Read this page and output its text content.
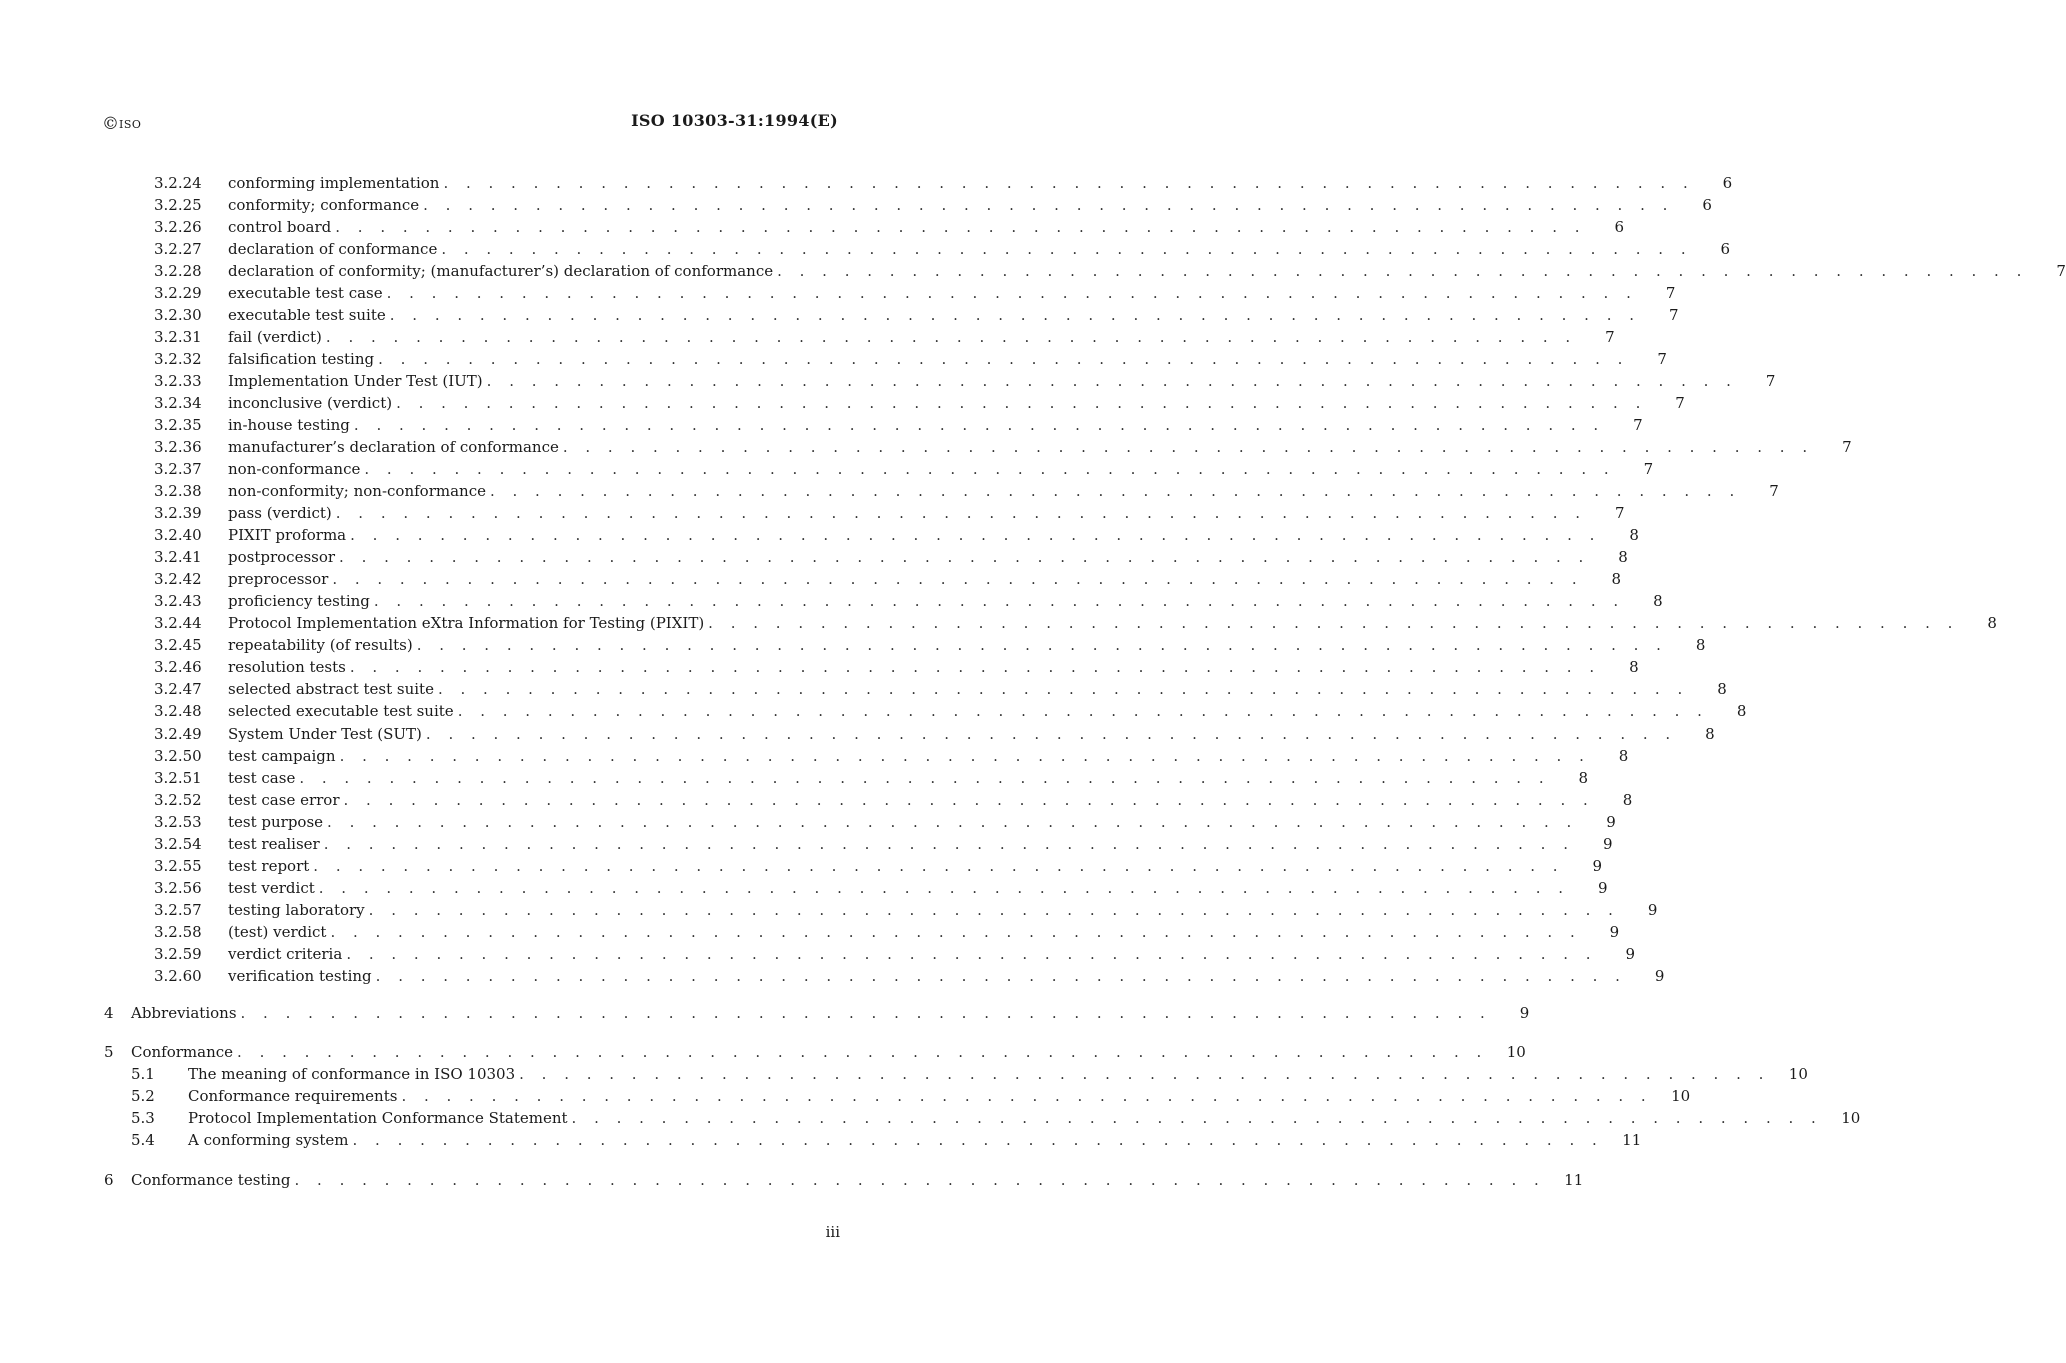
©ISO	ISO 10303-31:1994(E)
3.2.24	conforming implementation . . . . . . . . . . . . . . . . . . . . . . . . . . . . . . . . . . . . . . . . . . . . . . . . . . . . . . . .	6
3.2.25	conformity; conformance . . . . . . . . . . . . . . . . . . . . . . . . . . . . . . . . . . . . . . . . . . . . . . . . . . . . . . . .	6
3.2.26	control board . . . . . . . . . . . . . . . . . . . . . . . . . . . . . . . . . . . . . . . . . . . . . . . . . . . . . . . .	6
3.2.27	declaration of conformance . . . . . . . . . . . . . . . . . . . . . . . . . . . . . . . . . . . . . . . . . . . . . . . . . . . . . . . .	6
3.2.28	declaration of conformity; (manufacturer’s) declaration of conformance . . . . . . . . . . . . . . . . . . . . . . . . . . . . . . . . . . . . . . . . . . . . . . . . . . . . . . . .	7
3.2.29	executable test case . . . . . . . . . . . . . . . . . . . . . . . . . . . . . . . . . . . . . . . . . . . . . . . . . . . . . . . .	7
3.2.30	executable test suite . . . . . . . . . . . . . . . . . . . . . . . . . . . . . . . . . . . . . . . . . . . . . . . . . . . . . . . .	7
3.2.31	fail (verdict) . . . . . . . . . . . . . . . . . . . . . . . . . . . . . . . . . . . . . . . . . . . . . . . . . . . . . . . .	7
3.2.32	falsification testing . . . . . . . . . . . . . . . . . . . . . . . . . . . . . . . . . . . . . . . . . . . . . . . . . . . . . . . .	7
3.2.33	Implementation Under Test (IUT) . . . . . . . . . . . . . . . . . . . . . . . . . . . . . . . . . . . . . . . . . . . . . . . . . . . . . . . .	7
3.2.34	inconclusive (verdict) . . . . . . . . . . . . . . . . . . . . . . . . . . . . . . . . . . . . . . . . . . . . . . . . . . . . . . . .	7
3.2.35	in-house testing . . . . . . . . . . . . . . . . . . . . . . . . . . . . . . . . . . . . . . . . . . . . . . . . . . . . . . . .	7
3.2.36	manufacturer’s declaration of conformance . . . . . . . . . . . . . . . . . . . . . . . . . . . . . . . . . . . . . . . . . . . . . . . . . . . . . . . .	7
3.2.37	non-conformance . . . . . . . . . . . . . . . . . . . . . . . . . . . . . . . . . . . . . . . . . . . . . . . . . . . . . . . .	7
3.2.38	non-conformity; non-conformance . . . . . . . . . . . . . . . . . . . . . . . . . . . . . . . . . . . . . . . . . . . . . . . . . . . . . . . .	7
3.2.39	pass (verdict) . . . . . . . . . . . . . . . . . . . . . . . . . . . . . . . . . . . . . . . . . . . . . . . . . . . . . . . .	7
3.2.40	PIXIT proforma . . . . . . . . . . . . . . . . . . . . . . . . . . . . . . . . . . . . . . . . . . . . . . . . . . . . . . . .	8
3.2.41	postprocessor . . . . . . . . . . . . . . . . . . . . . . . . . . . . . . . . . . . . . . . . . . . . . . . . . . . . . . . .	8
3.2.42	preprocessor . . . . . . . . . . . . . . . . . . . . . . . . . . . . . . . . . . . . . . . . . . . . . . . . . . . . . . . .	8
3.2.43	proficiency testing . . . . . . . . . . . . . . . . . . . . . . . . . . . . . . . . . . . . . . . . . . . . . . . . . . . . . . . .	8
3.2.44	Protocol Implementation eXtra Information for Testing (PIXIT) . . . . . . . . . . . . . . . . . . . . . . . . . . . . . . . . . . . . . . . . . . . . . . . . . . . . . . . .	8
3.2.45	repeatability (of results) . . . . . . . . . . . . . . . . . . . . . . . . . . . . . . . . . . . . . . . . . . . . . . . . . . . . . . . .	8
3.2.46	resolution tests . . . . . . . . . . . . . . . . . . . . . . . . . . . . . . . . . . . . . . . . . . . . . . . . . . . . . . . .	8
3.2.47	selected abstract test suite . . . . . . . . . . . . . . . . . . . . . . . . . . . . . . . . . . . . . . . . . . . . . . . . . . . . . . . .	8
3.2.48	selected executable test suite . . . . . . . . . . . . . . . . . . . . . . . . . . . . . . . . . . . . . . . . . . . . . . . . . . . . . . . .	8
3.2.49	System Under Test (SUT) . . . . . . . . . . . . . . . . . . . . . . . . . . . . . . . . . . . . . . . . . . . . . . . . . . . . . . . .	8
3.2.50	test campaign . . . . . . . . . . . . . . . . . . . . . . . . . . . . . . . . . . . . . . . . . . . . . . . . . . . . . . . .	8
3.2.51	test case . . . . . . . . . . . . . . . . . . . . . . . . . . . . . . . . . . . . . . . . . . . . . . . . . . . . . . . .	8
3.2.52	test case error . . . . . . . . . . . . . . . . . . . . . . . . . . . . . . . . . . . . . . . . . . . . . . . . . . . . . . . .	8
3.2.53	test purpose . . . . . . . . . . . . . . . . . . . . . . . . . . . . . . . . . . . . . . . . . . . . . . . . . . . . . . . .	9
3.2.54	test realiser . . . . . . . . . . . . . . . . . . . . . . . . . . . . . . . . . . . . . . . . . . . . . . . . . . . . . . . .	9
3.2.55	test report . . . . . . . . . . . . . . . . . . . . . . . . . . . . . . . . . . . . . . . . . . . . . . . . . . . . . . . .	9
3.2.56	test verdict . . . . . . . . . . . . . . . . . . . . . . . . . . . . . . . . . . . . . . . . . . . . . . . . . . . . . . . .	9
3.2.57	testing laboratory . . . . . . . . . . . . . . . . . . . . . . . . . . . . . . . . . . . . . . . . . . . . . . . . . . . . . . . .	9
3.2.58	(test) verdict . . . . . . . . . . . . . . . . . . . . . . . . . . . . . . . . . . . . . . . . . . . . . . . . . . . . . . . .	9
3.2.59	verdict criteria . . . . . . . . . . . . . . . . . . . . . . . . . . . . . . . . . . . . . . . . . . . . . . . . . . . . . . . .	9
3.2.60	verification testing . . . . . . . . . . . . . . . . . . . . . . . . . . . . . . . . . . . . . . . . . . . . . . . . . . . . . . . .	9
4	Abbreviations . . . . . . . . . . . . . . . . . . . . . . . . . . . . . . . . . . . . . . . . . . . . . . . . . . . . . . . .	9
5	Conformance . . . . . . . . . . . . . . . . . . . . . . . . . . . . . . . . . . . . . . . . . . . . . . . . . . . . . . . .	10
5.1	The meaning of conformance in ISO 10303 . . . . . . . . . . . . . . . . . . . . . . . . . . . . . . . . . . . . . . . . . . . . . . . . . . . . . . . .	10
5.2	Conformance requirements . . . . . . . . . . . . . . . . . . . . . . . . . . . . . . . . . . . . . . . . . . . . . . . . . . . . . . . .	10
5.3	Protocol Implementation Conformance Statement . . . . . . . . . . . . . . . . . . . . . . . . . . . . . . . . . . . . . . . . . . . . . . . . . . . . . . . .	10
5.4	A conforming system . . . . . . . . . . . . . . . . . . . . . . . . . . . . . . . . . . . . . . . . . . . . . . . . . . . . . . . .	11
6	Conformance testing . . . . . . . . . . . . . . . . . . . . . . . . . . . . . . . . . . . . . . . . . . . . . . . . . . . . . . . .	11
iii
